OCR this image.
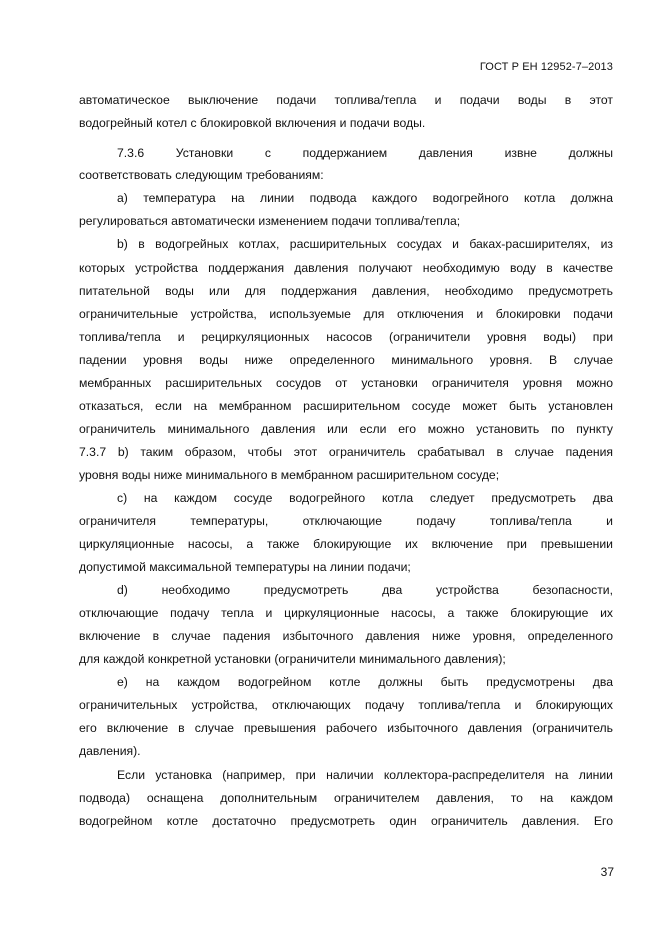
ГОСТ Р ЕН 12952-7–2013
автоматическое выключение подачи топлива/тепла и подачи воды в этот
водогрейный котел с блокировкой включения и подачи воды.
7.3.6 Установки с поддержанием давления извне должны
соответствовать следующим требованиям:
а) температура на линии подвода каждого водогрейного котла должна
регулироваться автоматически изменением подачи топлива/тепла;
b) в водогрейных котлах, расширительных сосудах и баках-расширителях, из
которых устройства поддержания давления получают необходимую воду в качестве
питательной воды или для поддержания давления, необходимо предусмотреть
ограничительные устройства, используемые для отключения и блокировки подачи
топлива/тепла и рециркуляционных насосов (ограничители уровня воды) при
падении уровня воды ниже определенного минимального уровня. В случае
мембранных расширительных сосудов от установки ограничителя уровня можно
отказаться, если на мембранном расширительном сосуде может быть установлен
ограничитель минимального давления или если его можно установить по пункту
7.3.7 b) таким образом, чтобы этот ограничитель срабатывал в случае падения
уровня воды ниже минимального в мембранном расширительном сосуде;
с) на каждом сосуде водогрейного котла следует предусмотреть два
ограничителя температуры, отключающие подачу топлива/тепла и
циркуляционные насосы, а также блокирующие их включение при превышении
допустимой максимальной температуры на линии подачи;
d) необходимо предусмотреть два устройства безопасности,
отключающие подачу тепла и циркуляционные насосы, а также блокирующие их
включение в случае падения избыточного давления ниже уровня, определенного
для каждой конкретной установки (ограничители минимального давления);
е) на каждом водогрейном котле должны быть предусмотрены два
ограничительных устройства, отключающих подачу топлива/тепла и блокирующих
его включение в случае превышения рабочего избыточного давления (ограничитель
давления).
Если установка (например, при наличии коллектора-распределителя на линии
подвода) оснащена дополнительным ограничителем давления, то на каждом
водогрейном котле достаточно предусмотреть один ограничитель давления. Его
37
